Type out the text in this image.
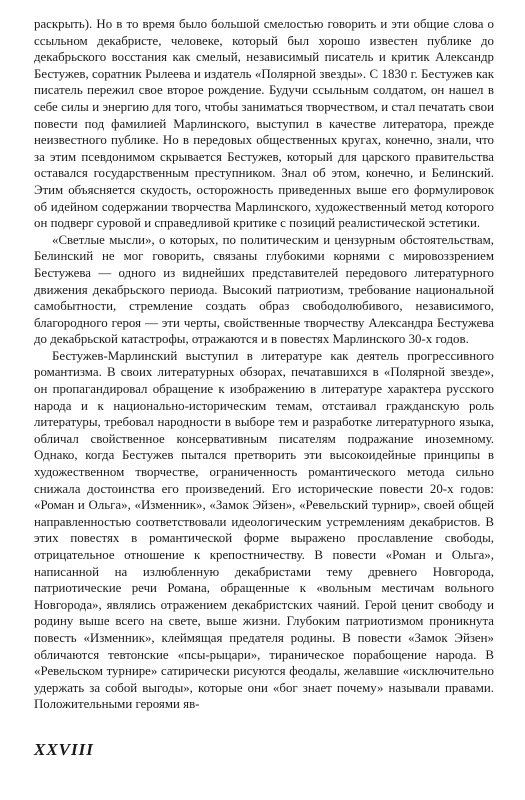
раскрыть). Но в то время было большой смелостью говорить и эти общие слова о ссыльном декабристе, человеке, который был хорошо известен публике до декабрьского восстания как смелый, независимый писатель и критик Александр Бестужев, соратник Рылеева и издатель «Полярной звезды». С 1830 г. Бестужев как писатель пережил свое второе рождение. Будучи ссыльным солдатом, он нашел в себе силы и энергию для того, чтобы заниматься творчеством, и стал печатать свои повести под фамилией Марлинского, выступил в качестве литератора, прежде неизвестного публике. Но в передовых общественных кругах, конечно, знали, что за этим псевдонимом скрывается Бестужев, который для царского правительства оставался государственным преступником. Знал об этом, конечно, и Белинский. Этим объясняется скудость, осторожность приведенных выше его формулировок об идейном содержании творчества Марлинского, художественный метод которого он подверг суровой и справедливой критике с позиций реалистической эстетики.

«Светлые мысли», о которых, по политическим и цензурным обстоятельствам, Белинский не мог говорить, связаны глубокими корнями с мировоззрением Бестужева — одного из виднейших представителей передового литературного движения декабрьского периода. Высокий патриотизм, требование национальной самобытности, стремление создать образ свободолюбивого, независимого, благородного героя — эти черты, свойственные творчеству Александра Бестужева до декабрьской катастрофы, отражаются и в повестях Марлинского 30-х годов.

Бестужев-Марлинский выступил в литературе как деятель прогрессивного романтизма. В своих литературных обзорах, печатавшихся в «Полярной звезде», он пропагандировал обращение к изображению в литературе характера русского народа и к национально-историческим темам, отстаивал гражданскую роль литературы, требовал народности в выборе тем и разработке литературного языка, обличал свойственное консервативным писателям подражание иноземному. Однако, когда Бестужев пытался претворить эти высокоидейные принципы в художественном творчестве, ограниченность романтического метода сильно снижала достоинства его произведений. Его исторические повести 20-х годов: «Роман и Ольга», «Изменник», «Замок Эйзен», «Ревельский турнир», своей общей направленностью соответствовали идеологическим устремлениям декабристов. В этих повестях в романтической форме выражено прославление свободы, отрицательное отношение к крепостничеству. В повести «Роман и Ольга», написанной на излюбленную декабристами тему древнего Новгорода, патриотические речи Романа, обращенные к «вольным местичам вольного Новгорода», являлись отражением декабристских чаяний. Герой ценит свободу и родину выше всего на свете, выше жизни. Глубоким патриотизмом проникнута повесть «Изменник», клеймящая предателя родины. В повести «Замок Эйзен» обличаются тевтонские «псы-рыцари», тираническое порабощение народа. В «Ревельском турнире» сатирически рисуются феодалы, желавшие «исключительно удержать за собой выгоды», которые они «бог знает почему» называли правами. Положительными героями яв-

XXVIII
